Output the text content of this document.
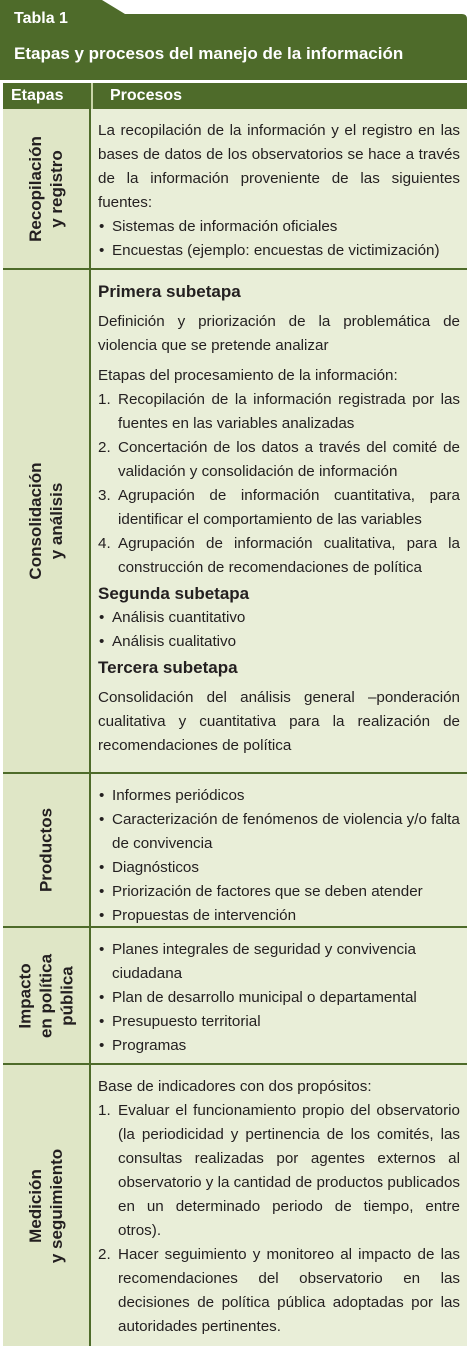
Tabla 1
Etapas y procesos del manejo de la información
Etapas	Procesos
Recopilación y registro

La recopilación de la información y el registro en las bases de datos de los observatorios se hace a través de la información proveniente de las siguientes fuentes:

• Sistemas de información oficiales
• Encuestas (ejemplo: encuestas de victimización)
Consolidación y análisis
Primera subetapa

Definición y priorización de la problemática de violencia que se pretende analizar

Etapas del procesamiento de la información:

1. Recopilación de la información registrada por las fuentes en las variables analizadas
2. Concertación de los datos a través del comité de validación y consolidación de información
3. Agrupación de información cuantitativa, para identificar el comportamiento de las variables
4. Agrupación de información cualitativa, para la construcción de recomendaciones de política
Segunda subetapa
• Análisis cuantitativo
• Análisis cualitativo
Tercera subetapa

Consolidación del análisis general –ponderación cualitativa y cuantitativa para la realización de recomendaciones de política

Productos
• Informes periódicos
• Caracterización de fenómenos de violencia y/o falta de convivencia
• Diagnósticos
• Priorización de factores que se deben atender
• Propuestas de intervención
Impacto en política pública
• Planes integrales de seguridad y convivencia ciudadana
• Plan de desarrollo municipal o departamental
• Presupuesto territorial
• Programas
Medición y seguimiento

Base de indicadores con dos propósitos:

1. Evaluar el funcionamiento propio del observatorio (la periodicidad y pertinencia de los comités, las consultas realizadas por agentes externos al observatorio y la cantidad de productos publicados en un determinado periodo de tiempo, entre otros).
2. Hacer seguimiento y monitoreo al impacto de las recomendaciones del observatorio en las decisiones de política pública adoptadas por las autoridades pertinentes.
